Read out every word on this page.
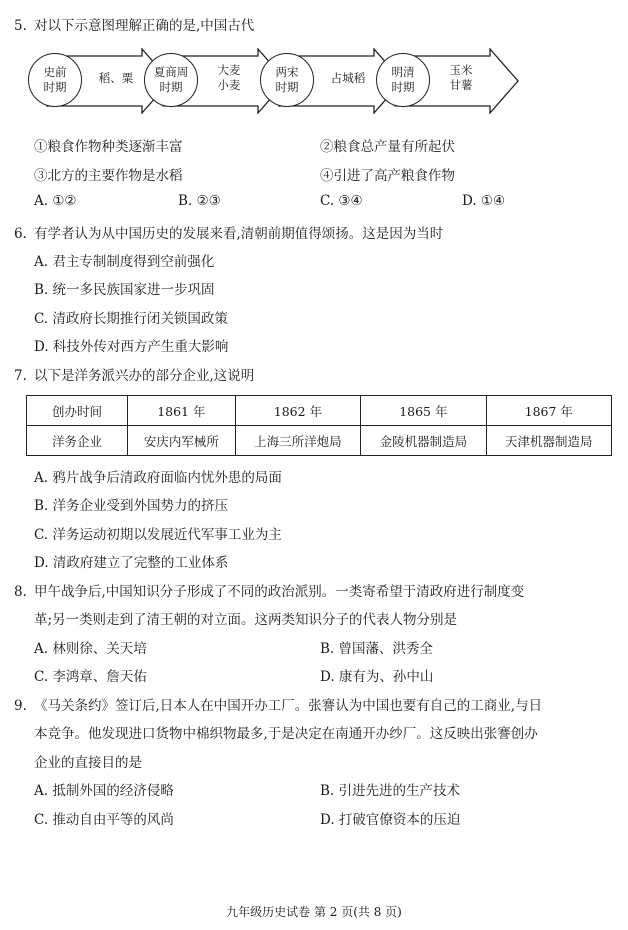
5. 对以下示意图理解正确的是,中国古代
史前
时期
稻、粟	夏商周
时期
大麦
小麦
两宋
时期
占城稻	明清
时期
玉米
甘薯
①粮食作物种类逐渐丰富	②粮食总产量有所起伏
③北方的主要作物是水稻	④引进了高产粮食作物
A. ①②	B. ②③	C. ③④	D. ①④
6. 有学者认为从中国历史的发展来看,清朝前期值得颂扬。这是因为当时
A. 君主专制制度得到空前强化
B. 统一多民族国家进一步巩固
C. 清政府长期推行闭关锁国政策
D. 科技外传对西方产生重大影响
7. 以下是洋务派兴办的部分企业,这说明
创办时间	1861 年	1862 年	1865 年	1867 年
洋务企业	安庆内军械所	上海三所洋炮局	金陵机器制造局	天津机器制造局
A. 鸦片战争后清政府面临内忧外患的局面
B. 洋务企业受到外国势力的挤压
C. 洋务运动初期以发展近代军事工业为主
D. 清政府建立了完整的工业体系
8. 甲午战争后,中国知识分子形成了不同的政治派别。一类寄希望于清政府进行制度变
革;另一类则走到了清王朝的对立面。这两类知识分子的代表人物分别是
A. 林则徐、关天培	B. 曾国藩、洪秀全
C. 李鸿章、詹天佑	D. 康有为、孙中山
9. 《马关条约》签订后,日本人在中国开办工厂。张謇认为中国也要有自己的工商业,与日
本竞争。他发现进口货物中棉织物最多,于是决定在南通开办纱厂。这反映出张謇创办
企业的直接目的是
A. 抵制外国的经济侵略	B. 引进先进的生产技术
C. 推动自由平等的风尚	D. 打破官僚资本的压迫
九年级历史试卷 第 2 页(共 8 页)
